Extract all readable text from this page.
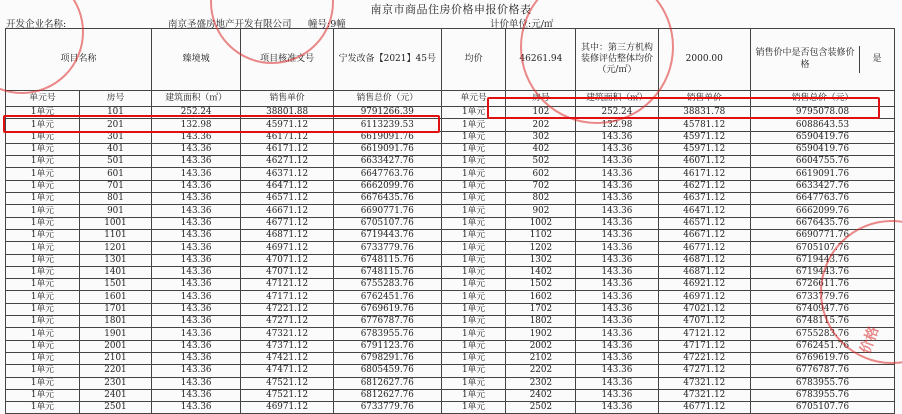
南京市商品住房价格申报价格表
开发企业名称:	南京圣盛房地产开发有限公司 幢号:9幢	计价单位:元/㎡
项目名称		臻境城	项目核准文号	宁发改备【2021】45号	均价	46261.94	其中：第三方机构装修评估整体均价（元/㎡）	2000.00	销售价中是否包含装修价格
是

单元号	房号	建筑面积（㎡）	销售单价	销售总价（元）	单元号	房号	建筑面积（㎡）	销售单价	销售总价（元）
1单元	101	252.24	38801.88	9791266.39	1单元	102	252.24	38831.78	9795078.08
1单元	201	132.98	45971.12	6113239.53	1单元	202	132.98	45781.12	6088643.53
1单元	301	143.36	46171.12	6619091.76	1单元	302	143.36	45971.12	6590419.76
1单元	401	143.36	46171.12	6619091.76	1单元	402	143.36	45971.12	6590419.76
1单元	501	143.36	46271.12	6633427.76	1单元	502	143.36	46071.12	6604755.76
1单元	601	143.36	46371.12	6647763.76	1单元	602	143.36	46171.12	6619091.76
1单元	701	143.36	46471.12	6662099.76	1单元	702	143.36	46271.12	6633427.76
1单元	801	143.36	46571.12	6676435.76	1单元	802	143.36	46371.12	6647763.76
1单元	901	143.36	46671.12	6690771.76	1单元	902	143.36	46471.12	6662099.76
1单元	1001	143.36	46771.12	6705107.76	1单元	1002	143.36	46571.12	6676435.76
1单元	1101	143.36	46871.12	6719443.76	1单元	1102	143.36	46671.12	6690771.76
1单元	1201	143.36	46971.12	6733779.76	1单元	1202	143.36	46771.12	6705107.76
1单元	1301	143.36	47071.12	6748115.76	1单元	1302	143.36	46871.12	6719443.76
1单元	1401	143.36	47071.12	6748115.76	1单元	1402	143.36	46871.12	6719443.76
1单元	1501	143.36	47121.12	6755283.76	1单元	1502	143.36	46921.12	6726611.76
1单元	1601	143.36	47171.12	6762451.76	1单元	1602	143.36	46971.12	6733779.76
1单元	1701	143.36	47221.12	6769619.76	1单元	1702	143.36	47021.12	6740947.76
1单元	1801	143.36	47271.12	6776787.76	1单元	1802	143.36	47071.12	6748115.76
1单元	1901	143.36	47321.12	6783955.76	1单元	1902	143.36	47121.12	6755283.76
1单元	2001	143.36	47371.12	6791123.76	1单元	2002	143.36	47171.12	6762451.76
1单元	2101	143.36	47421.12	6798291.76	1单元	2102	143.36	47221.12	6769619.76
1单元	2201	143.36	47471.12	6805459.76	1单元	2202	143.36	47271.12	6776787.76
1单元	2301	143.36	47521.12	6812627.76	1单元	2302	143.36	47321.12	6783955.76
1单元	2401	143.36	47521.12	6812627.76	1单元	2402	143.36	47321.12	6783955.76
1单元	2501	143.36	46971.12	6733779.76	1单元	2502	143.36	46771.12	6705107.76
价格
